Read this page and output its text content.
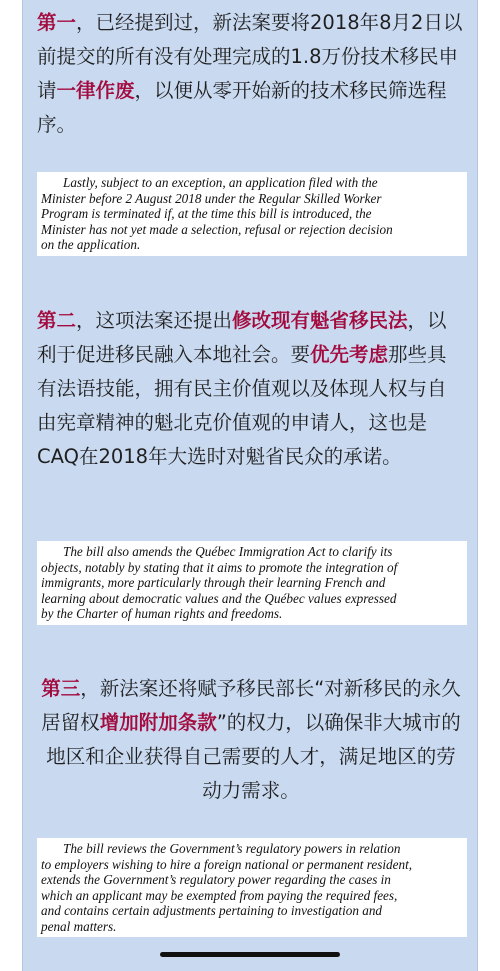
第一，已经提到过，新法案要将2018年8月2日以前提交的所有没有处理完成的1.8万份技术移民申请一律作废，以便从零开始新的技术移民筛选程序。

Lastly, subject to an exception, an application filed with the
Minister before 2 August 2018 under the Regular Skilled Worker
Program is terminated if, at the time this bill is introduced, the
Minister has not yet made a selection, refusal or rejection decision
on the application.

第二，这项法案还提出修改现有魁省移民法，以利于促进移民融入本地社会。要优先考虑那些具有法语技能，拥有民主价值观以及体现人权与自由宪章精神的魁北克价值观的申请人，这也是CAQ在2018年大选时对魁省民众的承诺。

The bill also amends the Québec Immigration Act to clarify its
objects, notably by stating that it aims to promote the integration of
immigrants, more particularly through their learning French and
learning about democratic values and the Québec values expressed
by the Charter of human rights and freedoms.

第三，新法案还将赋予移民部长“对新移民的永久居留权增加附加条款”的权力，以确保非大城市的地区和企业获得自己需要的人才，满足地区的劳动力需求。

The bill reviews the Government’s regulatory powers in relation
to employers wishing to hire a foreign national or permanent resident,
extends the Government’s regulatory power regarding the cases in
which an applicant may be exempted from paying the required fees,
and contains certain adjustments pertaining to investigation and
penal matters.
